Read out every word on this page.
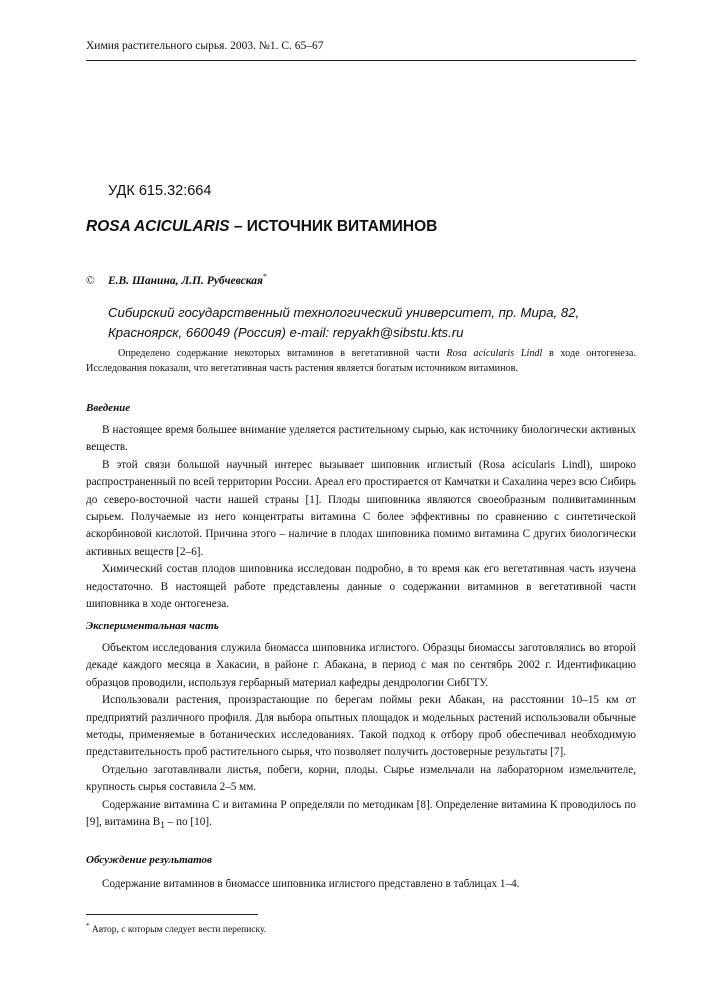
Химия растительного сырья. 2003. №1. С. 65–67
УДК 615.32:664
ROSA ACICULARIS – ИСТОЧНИК ВИТАМИНОВ
© Е.В. Шанина, Л.П. Рубчевская*
Сибирский государственный технологический университет, пр. Мира, 82,
Красноярск, 660049 (Россия) e-mail: repyakh@sibstu.kts.ru

Определено содержание некоторых витаминов в вегетативной части Rosa acicularis Lindl в ходе онтогенеза. Исследования показали, что вегетативная часть растения является богатым источником витаминов.

Введение

В настоящее время большее внимание уделяется растительному сырью, как источнику биологически активных веществ.

В этой связи большой научный интерес вызывает шиповник иглистый (Rosa acicularis Lindl), широко распространенный по всей территории России. Ареал его простирается от Камчатки и Сахалина через всю Сибирь до северо-восточной части нашей страны [1]. Плоды шиповника являются своеобразным поливитаминным сырьем. Получаемые из него концентраты витамина С более эффективны по сравнению с синтетической аскорбиновой кислотой. Причина этого – наличие в плодах шиповника помимо витамина С других биологически активных веществ [2–6].

Химический состав плодов шиповника исследован подробно, в то время как его вегетативная часть изучена недостаточно. В настоящей работе представлены данные о содержании витаминов в вегетативной части шиповника в ходе онтогенеза.

Экспериментальная часть

Объектом исследования служила биомасса шиповника иглистого. Образцы биомассы заготовлялись во второй декаде каждого месяца в Хакасии, в районе г. Абакана, в период с мая по сентябрь 2002 г. Идентификацию образцов проводили, используя гербарный материал кафедры дендрологии СибГТУ.

Использовали растения, произрастающие по берегам поймы реки Абакан, на расстоянии 10–15 км от предприятий различного профиля. Для выбора опытных площадок и модельных растений использовали обычные методы, применяемые в ботанических исследованиях. Такой подход к отбору проб обеспечивал необходимую представительность проб растительного сырья, что позволяет получить достоверные результаты [7].

Отдельно заготавливали листья, побеги, корни, плоды. Сырье измельчали на лабораторном измельчителе, крупность сырья составила 2–5 мм.

Содержание витамина С и витамина Р определяли по методикам [8]. Определение витамина К проводилось по [9], витамина $B_1$ – по [10].

Обсуждение результатов

Содержание витаминов в биомассе шиповника иглистого представлено в таблицах 1–4.

* Автор, с которым следует вести переписку.
